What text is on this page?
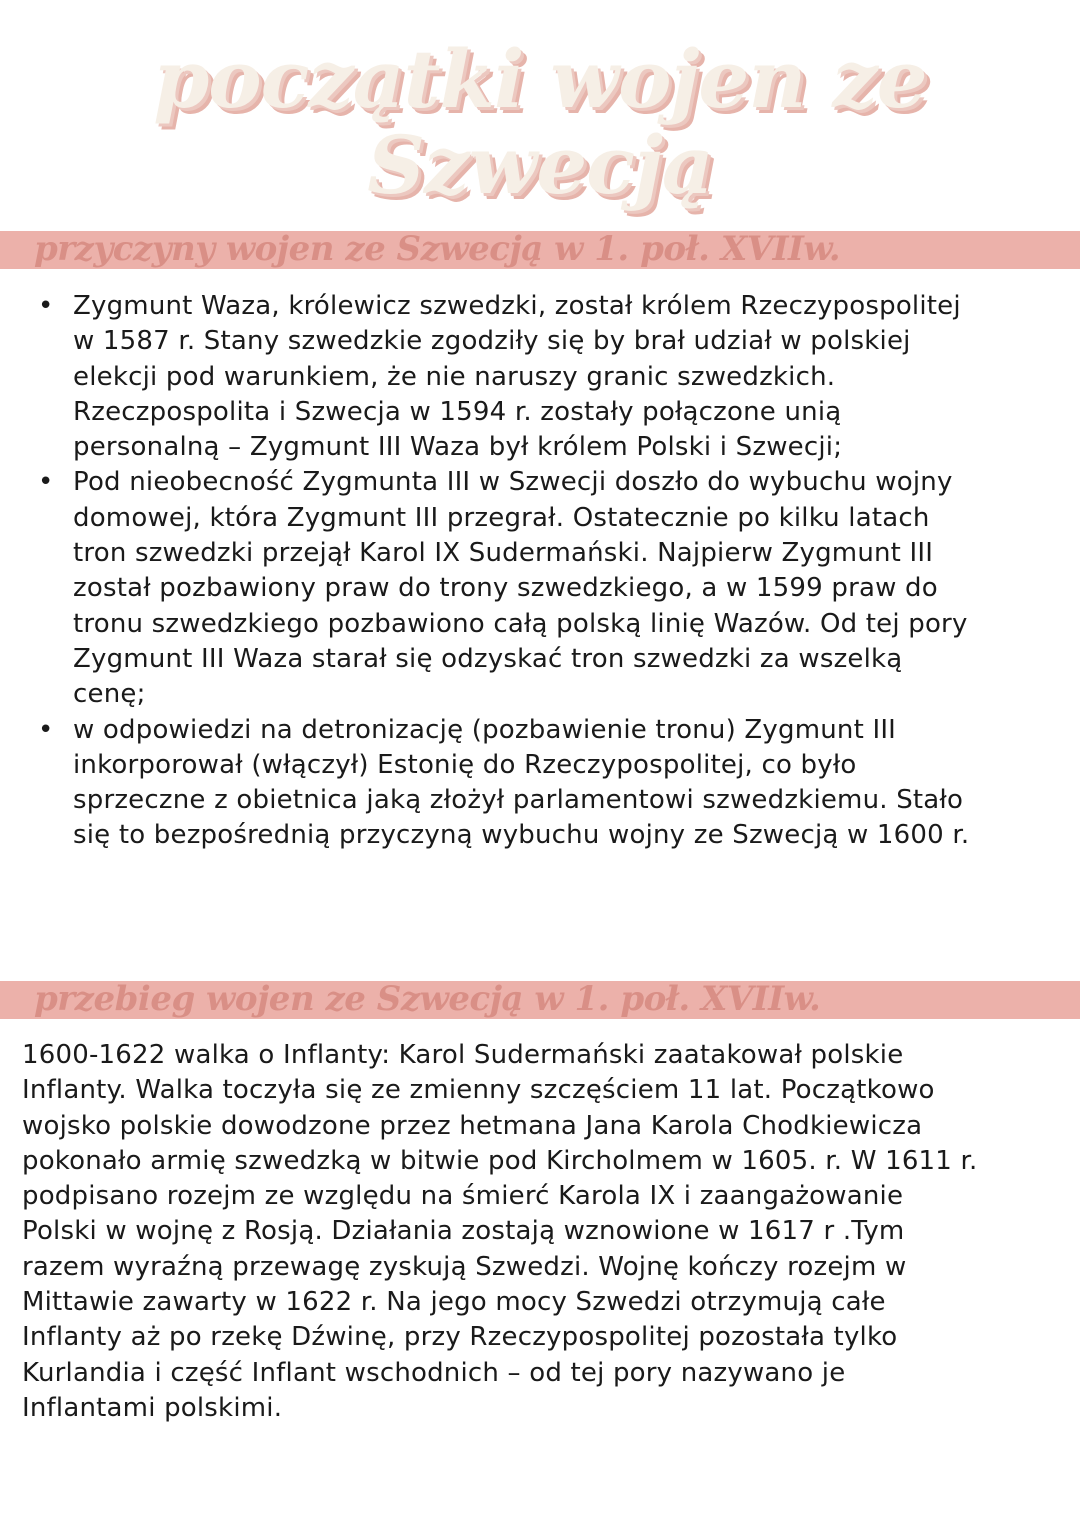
początki wojen ze
Szwecją
przyczyny wojen ze Szwecją w 1. poł. XVIIw.
• Zygmunt Waza, królewicz szwedzki, został królem Rzeczypospolitej w 1587 r. Stany szwedzkie zgodziły się by brał udział w polskiej elekcji pod warunkiem, że nie naruszy granic szwedzkich. Rzeczpospolita i Szwecja w 1594 r. zostały połączone unią personalną – Zygmunt III Waza był królem Polski i Szwecji;
• Pod nieobecność Zygmunta III w Szwecji doszło do wybuchu wojny domowej, która Zygmunt III przegrał. Ostatecznie po kilku latach tron szwedzki przejął Karol IX Sudermański. Najpierw Zygmunt III został pozbawiony praw do trony szwedzkiego, a w 1599 praw do tronu szwedzkiego pozbawiono całą polską linię Wazów. Od tej pory Zygmunt III Waza starał się odzyskać tron szwedzki za wszelką cenę;
• w odpowiedzi na detronizację (pozbawienie tronu) Zygmunt III inkorporował (włączył) Estonię do Rzeczypospolitej, co było sprzeczne z obietnica jaką złożył parlamentowi szwedzkiemu. Stało się to bezpośrednią przyczyną wybuchu wojny ze Szwecją w 1600 r.
przebieg wojen ze Szwecją w 1. poł. XVIIw.

1600-1622 walka o Inflanty: Karol Sudermański zaatakował polskie Inflanty. Walka toczyła się ze zmienny szczęściem 11 lat. Początkowo wojsko polskie dowodzone przez hetmana Jana Karola Chodkiewicza pokonało armię szwedzką w bitwie pod Kircholmem w 1605. r. W 1611 r. podpisano rozejm ze względu na śmierć Karola IX i zaangażowanie Polski w wojnę z Rosją. Działania zostają wznowione w 1617 r .Tym razem wyraźną przewagę zyskują Szwedzi. Wojnę kończy rozejm w Mittawie zawarty w 1622 r. Na jego mocy Szwedzi otrzymują całe Inflanty aż po rzekę Dźwinę, przy Rzeczypospolitej pozostała tylko Kurlandia i część Inflant wschodnich – od tej pory nazywano je Inflantami polskimi.
